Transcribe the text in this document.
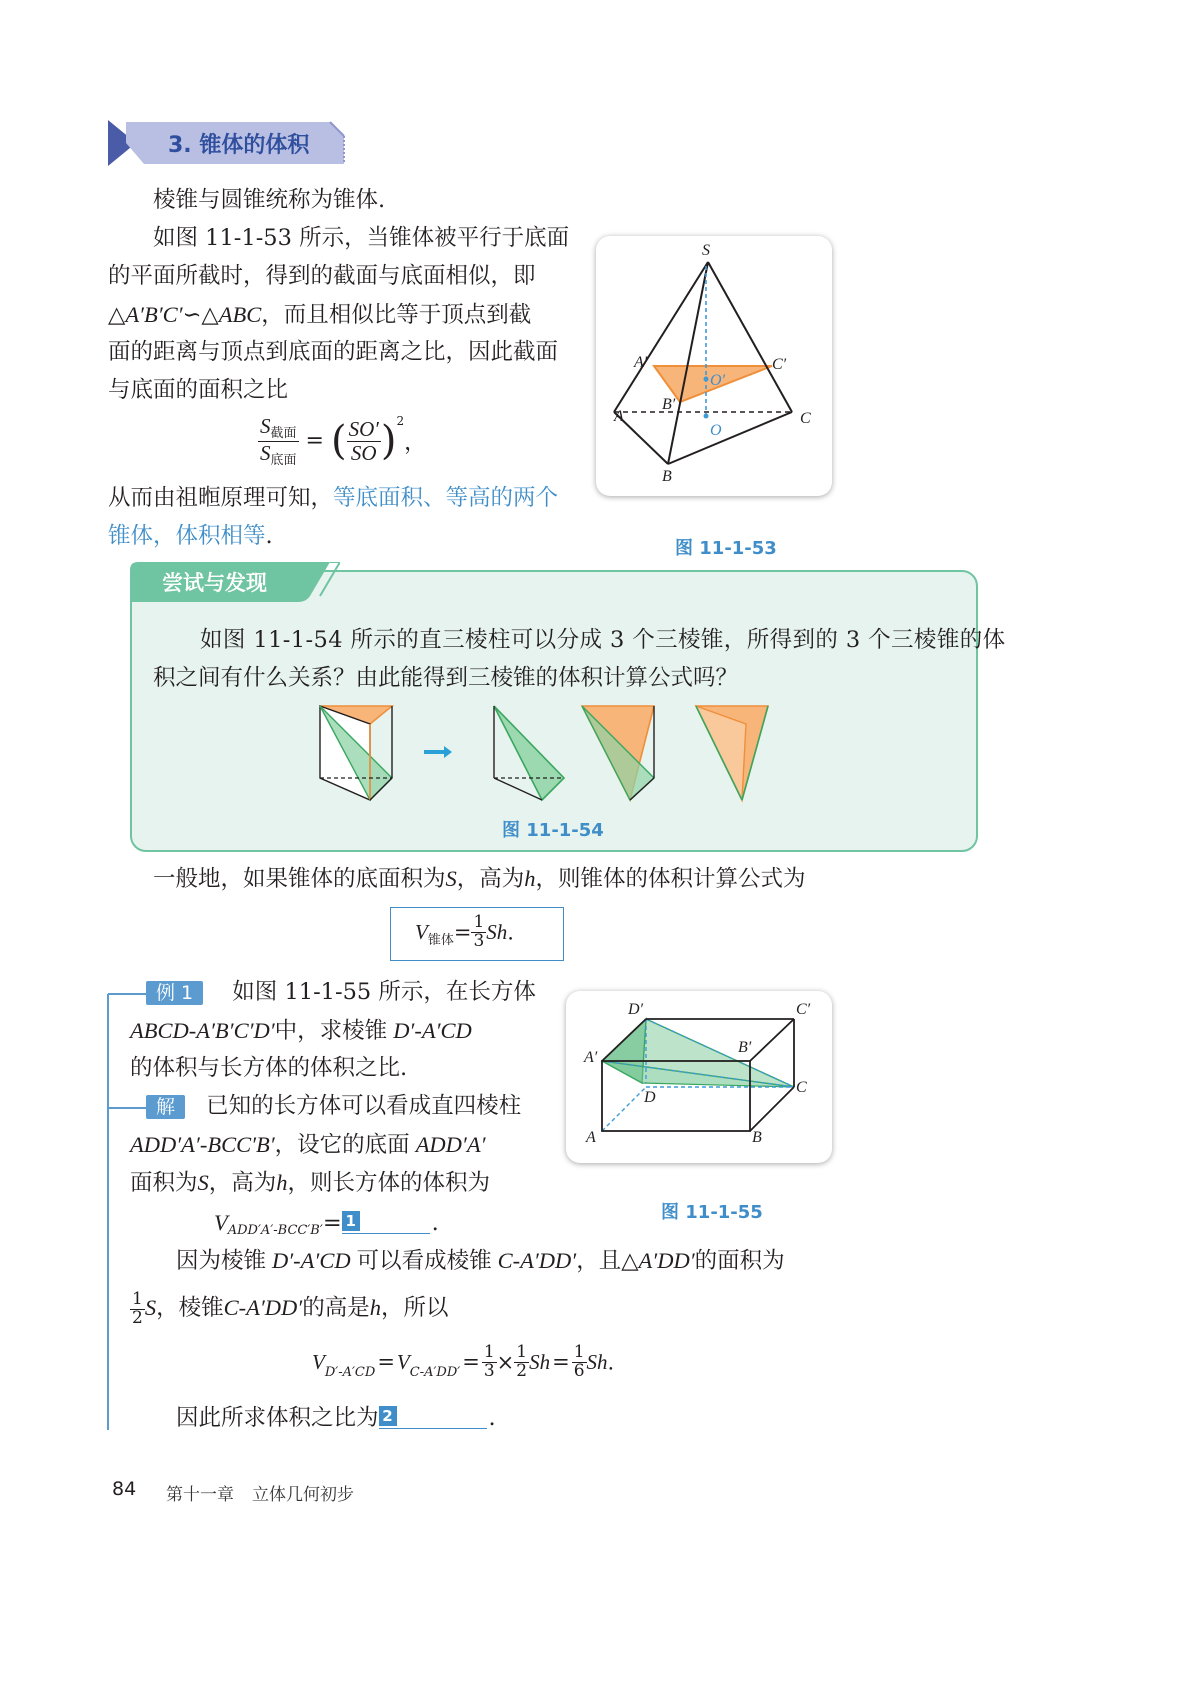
3. 锥体的体积
棱锥与圆锥统称为锥体.
如图 11-1-53 所示，当锥体被平行于底面
的平面所截时，得到的截面与底面相似，即
△A′B′C′∽△ABC，而且相似比等于顶点到截
面的距离与顶点到底面的距离之比，因此截面
与底面的面积之比
$\frac{S_{截面}}{S_{底面}}$ = ( $\frac{SO'}{SO} )^2$，
从而由祖暅原理可知，等底面积、等高的两个
锥体，体积相等.
S
A′	C′
O′
B′
A	C
O
B
图 11-1-53
尝试与发现
如图 11-1-54 所示的直三棱柱可以分成 3 个三棱锥，所得到的 3 个三棱锥的体
积之间有什么关系？由此能得到三棱锥的体积计算公式吗？
图 11-1-54
一般地，如果锥体的底面积为S，高为h，则锥体的体积计算公式为
$V_{锥体}= \frac{1}{3} Sh$.
例 1 如图 11-1-55 所示，在长方体
ABCD-A′B′C′D′中，求棱锥 D′-A′CD
的体积与长方体的体积之比.
解 已知的长方体可以看成直四棱柱
ADD′A′-BCC′B′，设它的底面 ADD′A′
面积为S，高为h，则长方体的体积为
VADD′A′-BCC′B′= 1	.
因为棱锥 D′-A′CD 可以看成棱锥 C-A′DD′，且△A′DD′的面积为
$\frac{1}{2}$ S，棱锥C-A′DD′的高是h，所以
$V_{D'-A'CD}=V_{C-A'DD'}= \frac{1}{3} \times \frac{1}{2} Sh= \frac{1}{6} Sh$.
因此所求体积之比为 2	.
D′	C′
B′
A′
C
D
A	B
图 11-1-55
84 第十一章 立体几何初步
